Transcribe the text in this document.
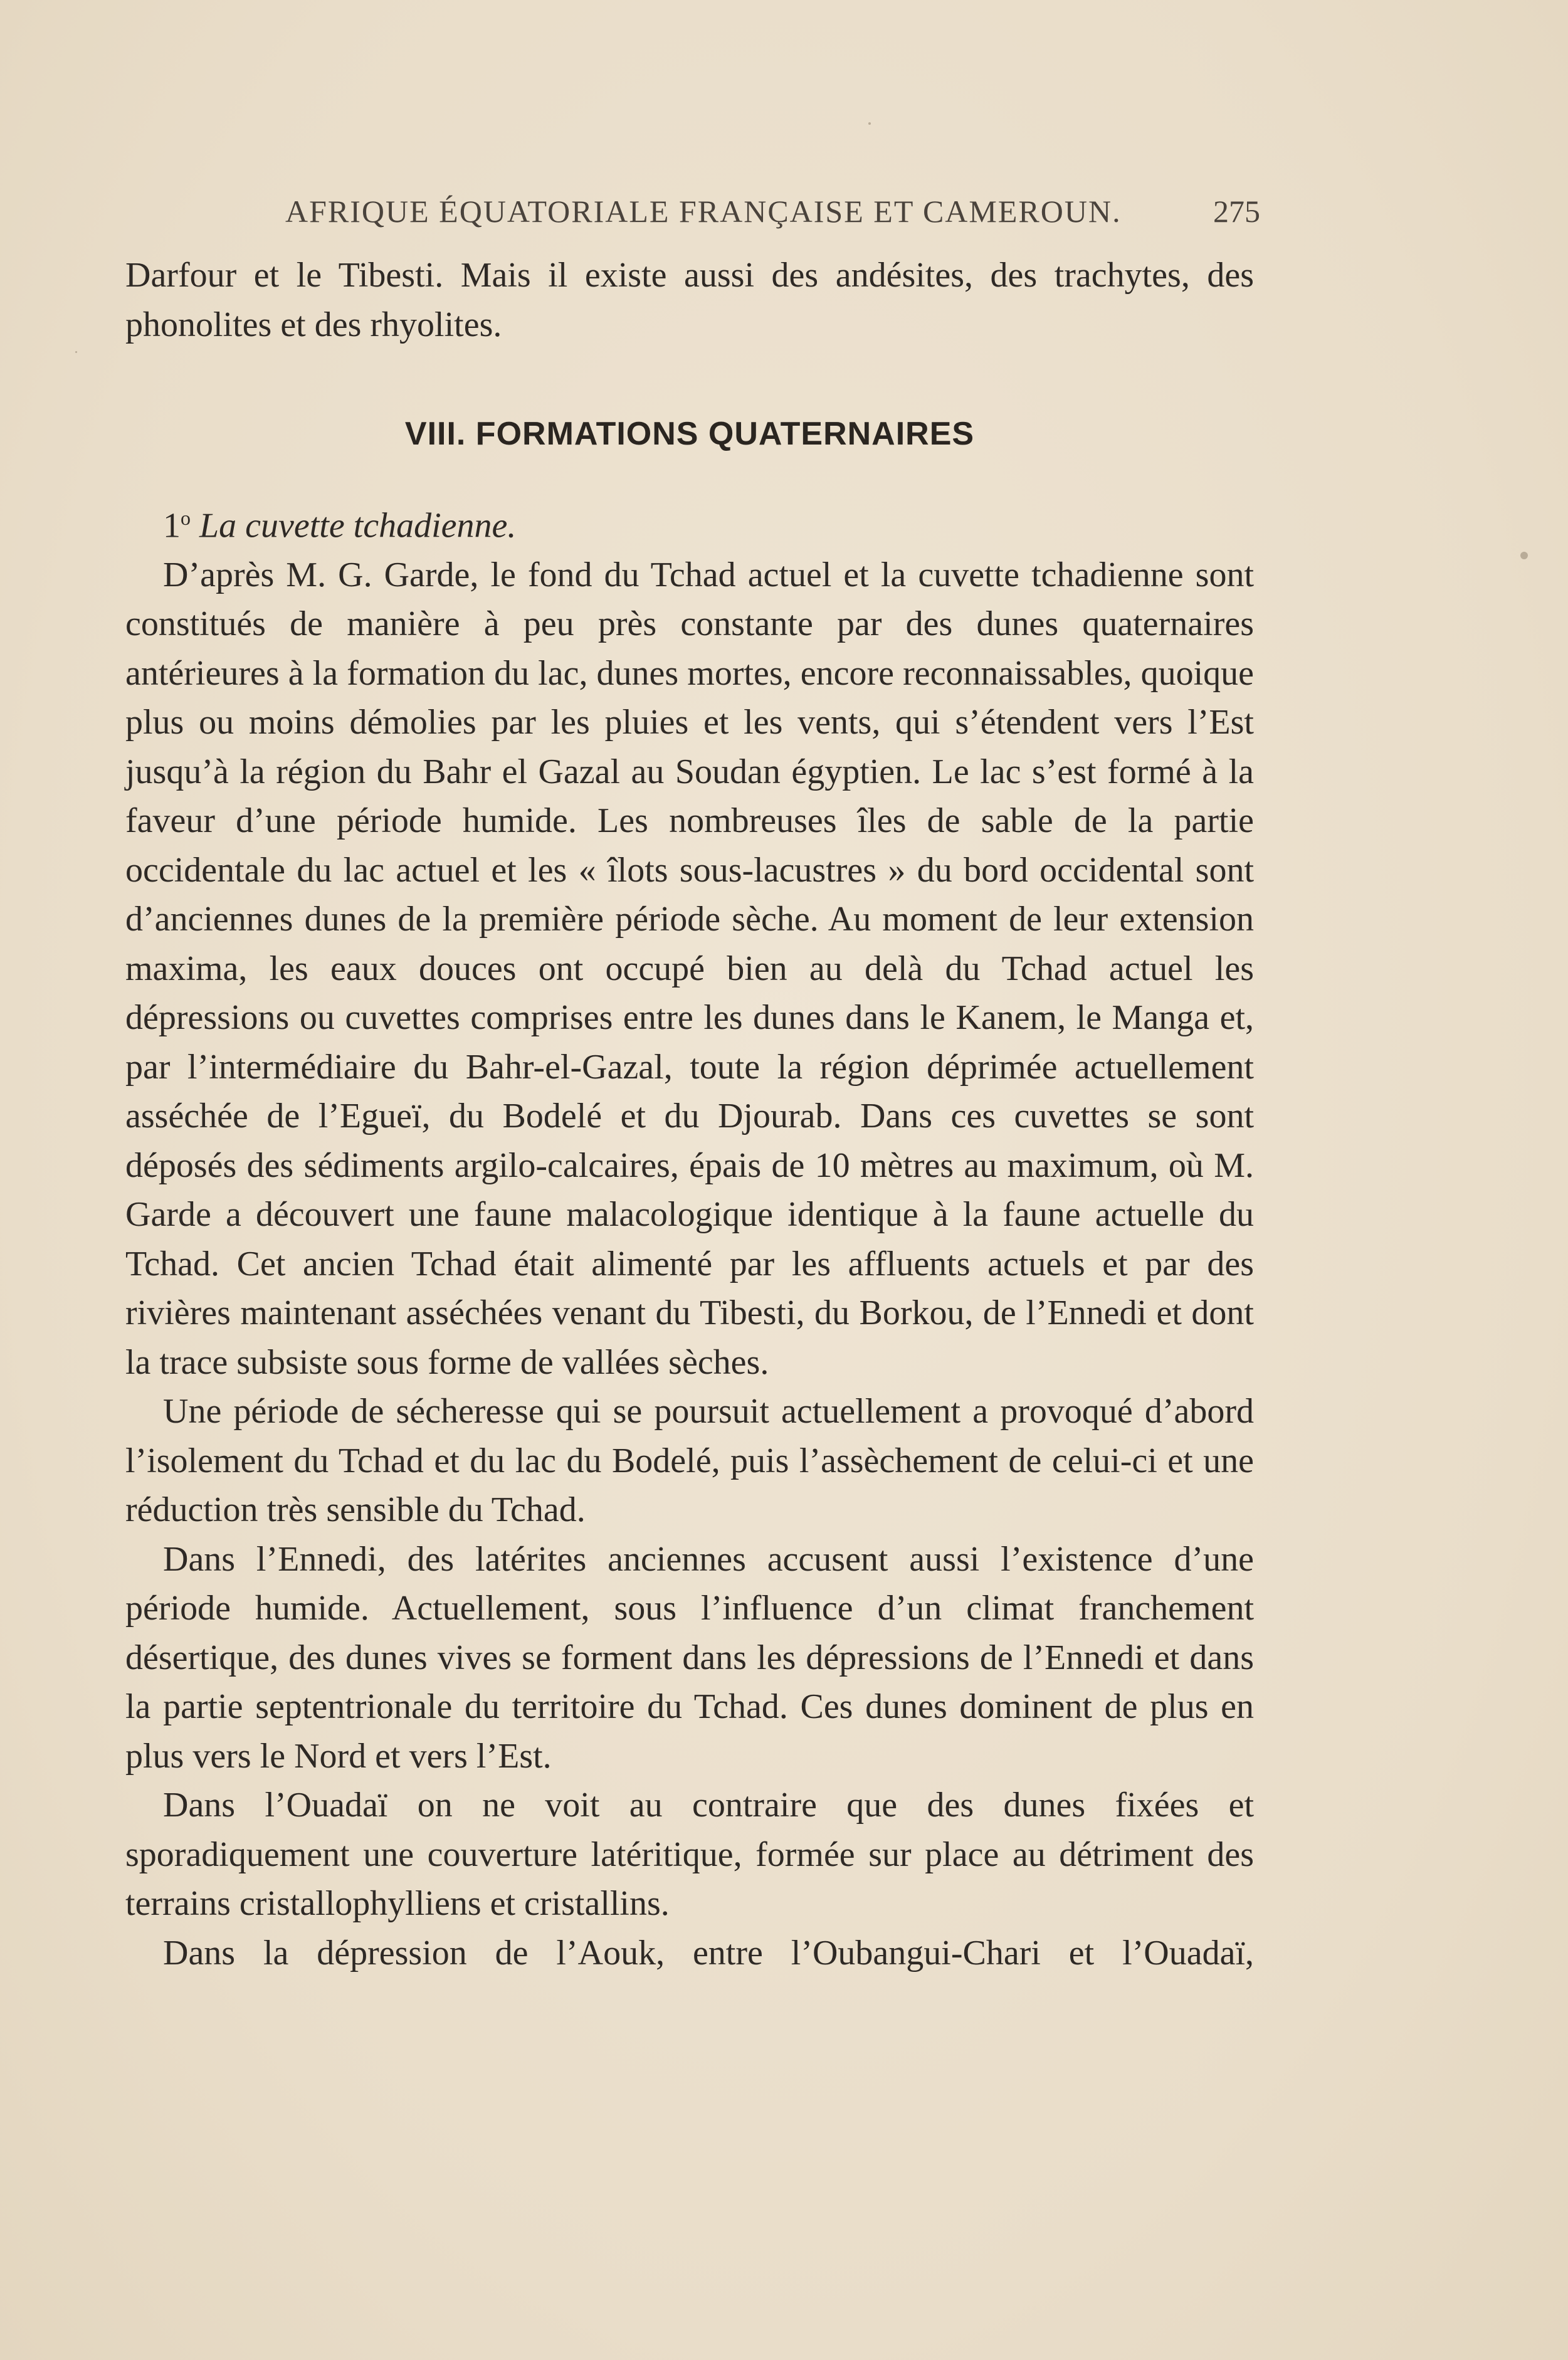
AFRIQUE ÉQUATORIALE FRANÇAISE ET CAMEROUN.	275

Darfour et le Tibesti. Mais il existe aussi des andésites, des trachytes, des phonolites et des rhyolites.

VIII. FORMATIONS QUATERNAIRES

1$^o$ La cuvette tchadienne.

D’après M. G. Garde, le fond du Tchad actuel et la cuvette tchadienne sont constitués de manière à peu près constante par des dunes quaternaires antérieures à la formation du lac, dunes mortes, encore reconnaissables, quoique plus ou moins démolies par les pluies et les vents, qui s’étendent vers l’Est jusqu’à la région du Bahr el Gazal au Soudan égyptien. Le lac s’est formé à la faveur d’une période humide. Les nombreuses îles de sable de la partie occidentale du lac actuel et les « îlots sous-lacustres » du bord occidental sont d’anciennes dunes de la première période sèche. Au moment de leur extension maxima, les eaux douces ont occupé bien au delà du Tchad actuel les dépressions ou cuvettes comprises entre les dunes dans le Kanem, le Manga et, par l’intermédiaire du Bahr-el-Gazal, toute la région déprimée actuellement asséchée de l’Egueï, du Bodelé et du Djourab. Dans ces cuvettes se sont déposés des sédiments argilo-calcaires, épais de 10 mètres au maximum, où M. Garde a découvert une faune malacologique identique à la faune actuelle du Tchad. Cet ancien Tchad était alimenté par les affluents actuels et par des rivières maintenant asséchées venant du Tibesti, du Borkou, de l’Ennedi et dont la trace subsiste sous forme de vallées sèches.

Une période de sécheresse qui se poursuit actuellement a provoqué d’abord l’isolement du Tchad et du lac du Bodelé, puis l’assèchement de celui-ci et une réduction très sensible du Tchad.

Dans l’Ennedi, des latérites anciennes accusent aussi l’existence d’une période humide. Actuellement, sous l’influence d’un climat franchement désertique, des dunes vives se forment dans les dépressions de l’Ennedi et dans la partie septentrionale du territoire du Tchad. Ces dunes dominent de plus en plus vers le Nord et vers l’Est.

Dans l’Ouadaï on ne voit au contraire que des dunes fixées et sporadiquement une couverture latéritique, formée sur place au détriment des terrains cristallophylliens et cristallins.

Dans la dépression de l’Aouk, entre l’Oubangui-Chari et l’Ouadaï,
